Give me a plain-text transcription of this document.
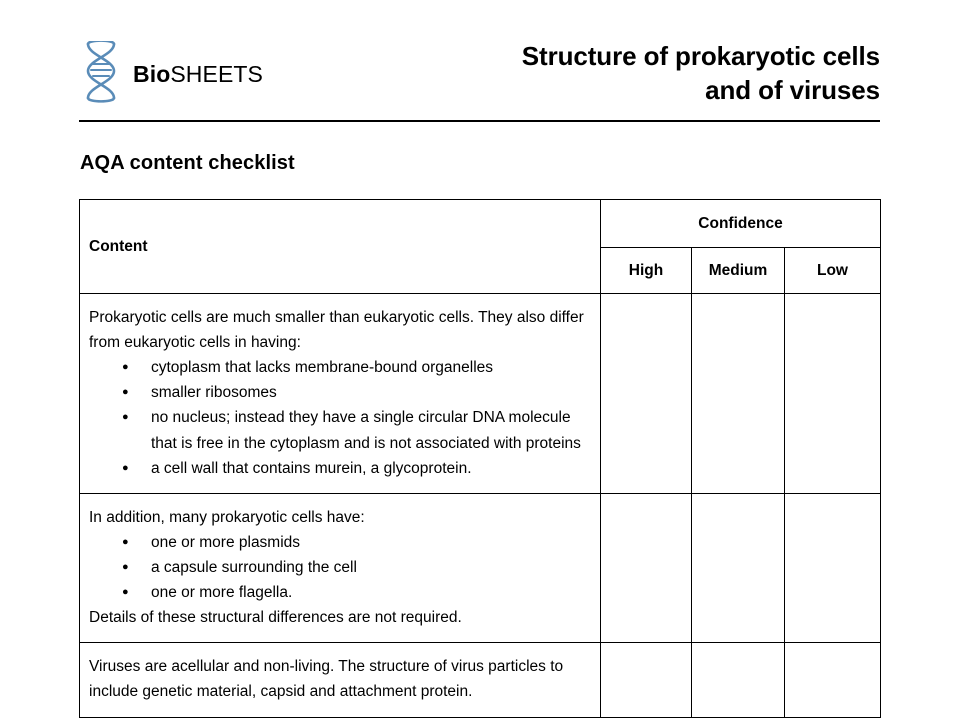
BioSHEETS
Structure of prokaryotic cells
and of viruses
AQA content checklist
Content	Confidence		
	High	Medium	Low

Prokaryotic cells are much smaller than eukaryotic cells. They also differ from eukaryotic cells in having:

● cytoplasm that lacks membrane-bound organelles
● smaller ribosomes
● no nucleus; instead they have a single circular DNA molecule that is free in the cytoplasm and is not associated with proteins
● a cell wall that contains murein, a glycoprotein.

In addition, many prokaryotic cells have:

● one or more plasmids
● a capsule surrounding the cell
● one or more flagella.

Details of these structural differences are not required.

Viruses are acellular and non-living. The structure of virus particles to include genetic material, capsid and attachment protein.			
